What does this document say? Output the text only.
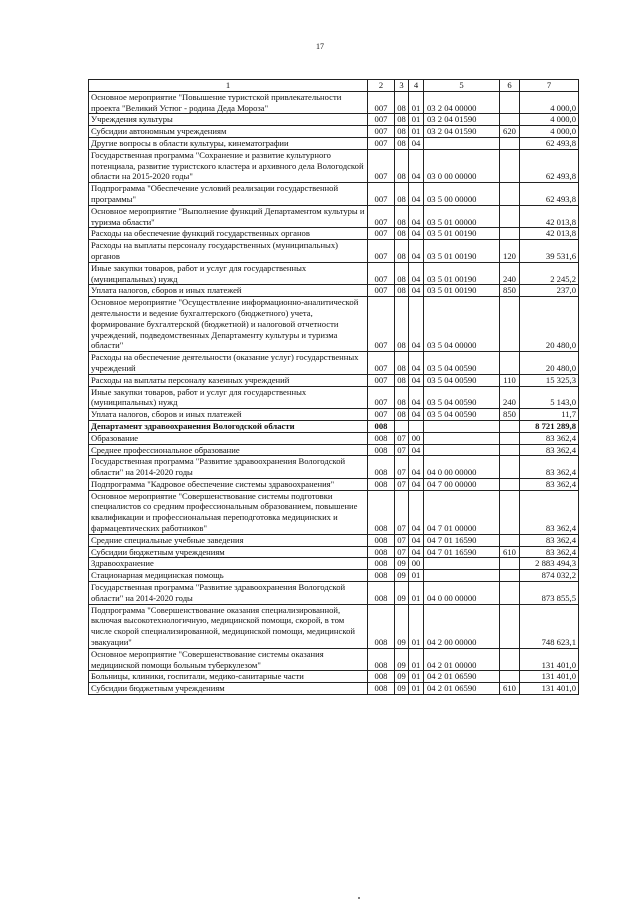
17
1	2	3	4	5	6	7
Основное мероприятие "Повышение туристской привлекательности проекта "Великий Устюг - родина Деда Мороза"	007	08	01	03 2 04 00000		4 000,0
Учреждения культуры	007	08	01	03 2 04 01590		4 000,0
Субсидии автономным учреждениям	007	08	01	03 2 04 01590	620	4 000,0
Другие вопросы в области культуры, кинематографии	007	08	04			62 493,8
Государственная программа "Сохранение и развитие культурного потенциала, развитие туристского кластера и архивного дела Вологодской области на 2015-2020 годы"	007	08	04	03 0 00 00000		62 493,8
Подпрограмма "Обеспечение условий реализации государственной программы"	007	08	04	03 5 00 00000		62 493,8
Основное мероприятие "Выполнение функций Департаментом культуры и туризма области"	007	08	04	03 5 01 00000		42 013,8
Расходы на обеспечение функций государственных органов	007	08	04	03 5 01 00190		42 013,8
Расходы на выплаты персоналу государственных (муниципальных) органов	007	08	04	03 5 01 00190	120	39 531,6
Иные закупки товаров, работ и услуг для государственных (муниципальных) нужд	007	08	04	03 5 01 00190	240	2 245,2
Уплата налогов, сборов и иных платежей	007	08	04	03 5 01 00190	850	237,0
Основное мероприятие "Осуществление информационно-аналитической деятельности и ведение бухгалтерского (бюджетного) учета, формирование бухгалтерской (бюджетной) и налоговой отчетности учреждений, подведомственных Департаменту культуры и туризма области"	007	08	04	03 5 04 00000		20 480,0
Расходы на обеспечение деятельности (оказание услуг) государственных учреждений	007	08	04	03 5 04 00590		20 480,0
Расходы на выплаты персоналу казенных учреждений	007	08	04	03 5 04 00590	110	15 325,3
Иные закупки товаров, работ и услуг для государственных (муниципальных) нужд	007	08	04	03 5 04 00590	240	5 143,0
Уплата налогов, сборов и иных платежей	007	08	04	03 5 04 00590	850	11,7
Департамент здравоохранения Вологодской области	008					8 721 289,8
Образование	008	07	00			83 362,4
Среднее профессиональное образование	008	07	04			83 362,4
Государственная программа "Развитие здравоохранения Вологодской области" на 2014-2020 годы	008	07	04	04 0 00 00000		83 362,4
Подпрограмма "Кадровое обеспечение системы здравоохранения"	008	07	04	04 7 00 00000		83 362,4
Основное мероприятие "Совершенствование системы подготовки специалистов со средним профессиональным образованием, повышение квалификации и профессиональная переподготовка медицинских и фармацевтических работников"	008	07	04	04 7 01 00000		83 362,4
Средние специальные учебные заведения	008	07	04	04 7 01 16590		83 362,4
Субсидии бюджетным учреждениям	008	07	04	04 7 01 16590	610	83 362,4
Здравоохранение	008	09	00			2 883 494,3
Стационарная медицинская помощь	008	09	01			874 032,2
Государственная программа "Развитие здравоохранения Вологодской области" на 2014-2020 годы	008	09	01	04 0 00 00000		873 855,5
Подпрограмма "Совершенствование оказания специализированной, включая высокотехнологичную, медицинской помощи, скорой, в том числе скорой специализированной, медицинской помощи, медицинской эвакуации"	008	09	01	04 2 00 00000		748 623,1
Основное мероприятие "Совершенствование системы оказания медицинской помощи больным туберкулезом"	008	09	01	04 2 01 00000		131 401,0
Больницы, клиники, госпитали, медико-санитарные части	008	09	01	04 2 01 06590		131 401,0
Субсидии бюджетным учреждениям	008	09	01	04 2 01 06590	610	131 401,0
